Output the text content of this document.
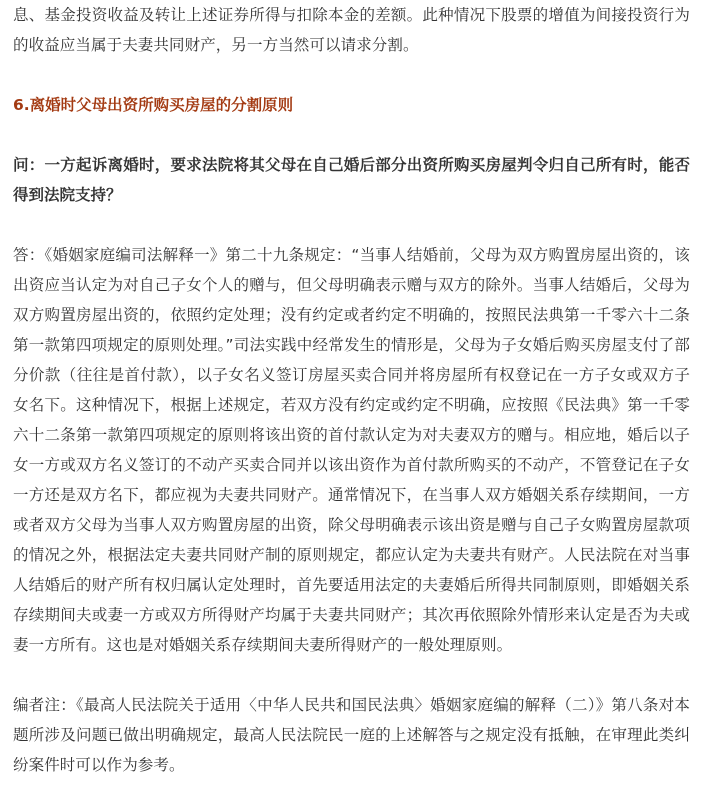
息、基金投资收益及转让上述证券所得与扣除本金的差额。此种情况下股票的增值为间接投资行为的收益应当属于夫妻共同财产，另一方当然可以请求分割。

6.离婚时父母出资所购买房屋的分割原则

问：一方起诉离婚时，要求法院将其父母在自己婚后部分出资所购买房屋判令归自己所有时，能否得到法院支持？

答：《婚姻家庭编司法解释一》第二十九条规定：“当事人结婚前，父母为双方购置房屋出资的，该出资应当认定为对自己子女个人的赠与，但父母明确表示赠与双方的除外。当事人结婚后，父母为双方购置房屋出资的，依照约定处理；没有约定或者约定不明确的，按照民法典第一千零六十二条第一款第四项规定的原则处理。”司法实践中经常发生的情形是，父母为子女婚后购买房屋支付了部分价款（往往是首付款），以子女名义签订房屋买卖合同并将房屋所有权登记在一方子女或双方子女名下。这种情况下，根据上述规定，若双方没有约定或约定不明确，应按照《民法典》第一千零六十二条第一款第四项规定的原则将该出资的首付款认定为对夫妻双方的赠与。相应地，婚后以子女一方或双方名义签订的不动产买卖合同并以该出资作为首付款所购买的不动产，不管登记在子女一方还是双方名下，都应视为夫妻共同财产。通常情况下，在当事人双方婚姻关系存续期间，一方或者双方父母为当事人双方购置房屋的出资，除父母明确表示该出资是赠与自己子女购置房屋款项的情况之外，根据法定夫妻共同财产制的原则规定，都应认定为夫妻共有财产。人民法院在对当事人结婚后的财产所有权归属认定处理时，首先要适用法定的夫妻婚后所得共同制原则，即婚姻关系存续期间夫或妻一方或双方所得财产均属于夫妻共同财产；其次再依照除外情形来认定是否为夫或妻一方所有。这也是对婚姻关系存续期间夫妻所得财产的一般处理原则。

编者注：《最高人民法院关于适用〈中华人民共和国民法典〉婚姻家庭编的解释（二）》第八条对本题所涉及问题已做出明确规定，最高人民法院民一庭的上述解答与之规定没有抵触，在审理此类纠纷案件时可以作为参考。
